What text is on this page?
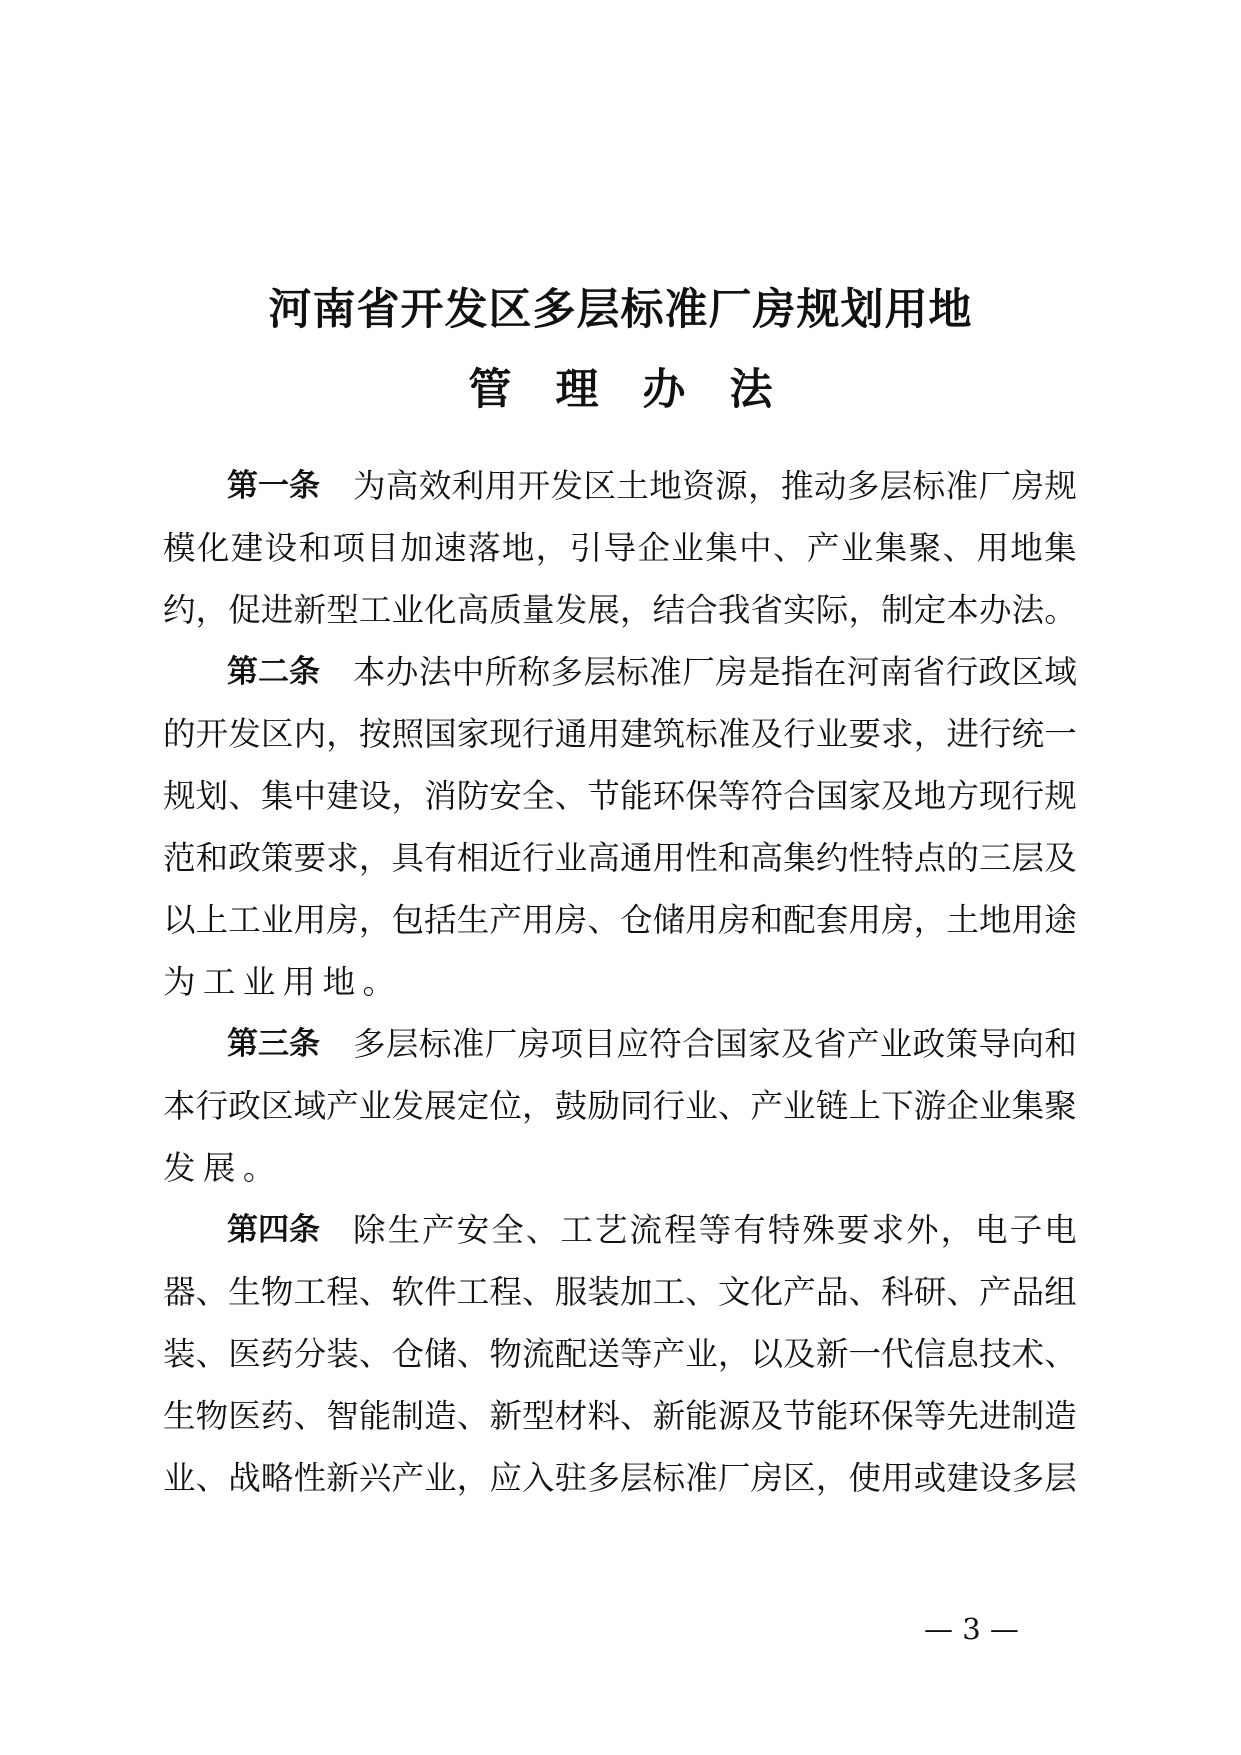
河南省开发区多层标准厂房规划用地
管理办法
第一条 为 高 效 利 用 开 发 区 土 地 资 源 ， 推 动 多 层 标 准 厂 房 规
模 化 建 设 和 项 目 加 速 落 地 ， 引 导 企 业 集 中 、 产 业 集 聚 、 用 地 集
约 ， 促 进 新 型 工 业 化 高 质 量 发 展 ， 结 合 我 省 实 际 ， 制 定 本 办 法 。
第二条 本 办 法 中 所 称 多 层 标 准 厂 房 是 指 在 河 南 省 行 政 区 域
的 开 发 区 内 ， 按 照 国 家 现 行 通 用 建 筑 标 准 及 行 业 要 求 ， 进 行 统 一
规 划 、 集 中 建 设 ， 消 防 安 全 、 节 能 环 保 等 符 合 国 家 及 地 方 现 行 规
范 和 政 策 要 求 ， 具 有 相 近 行 业 高 通 用 性 和 高 集 约 性 特 点 的 三 层 及
以 上 工 业 用 房 ， 包 括 生 产 用 房 、 仓 储 用 房 和 配 套 用 房 ， 土 地 用 途
为 工 业 用 地 。
第三条 多 层 标 准 厂 房 项 目 应 符 合 国 家 及 省 产 业 政 策 导 向 和
本 行 政 区 域 产 业 发 展 定 位 ， 鼓 励 同 行 业 、 产 业 链 上 下 游 企 业 集 聚
发 展 。
第四条 除 生 产 安 全 、 工 艺 流 程 等 有 特 殊 要 求 外 ， 电 子 电
器 、 生 物 工 程 、 软 件 工 程 、 服 装 加 工 、 文 化 产 品 、 科 研 、 产 品 组
装 、 医 药 分 装 、 仓 储 、 物 流 配 送 等 产 业 ， 以 及 新 一 代 信 息 技 术 、
生 物 医 药 、 智 能 制 造 、 新 型 材 料 、 新 能 源 及 节 能 环 保 等 先 进 制 造
业 、 战 略 性 新 兴 产 业 ， 应 入 驻 多 层 标 准 厂 房 区 ， 使 用 或 建 设 多 层
— 3 —
